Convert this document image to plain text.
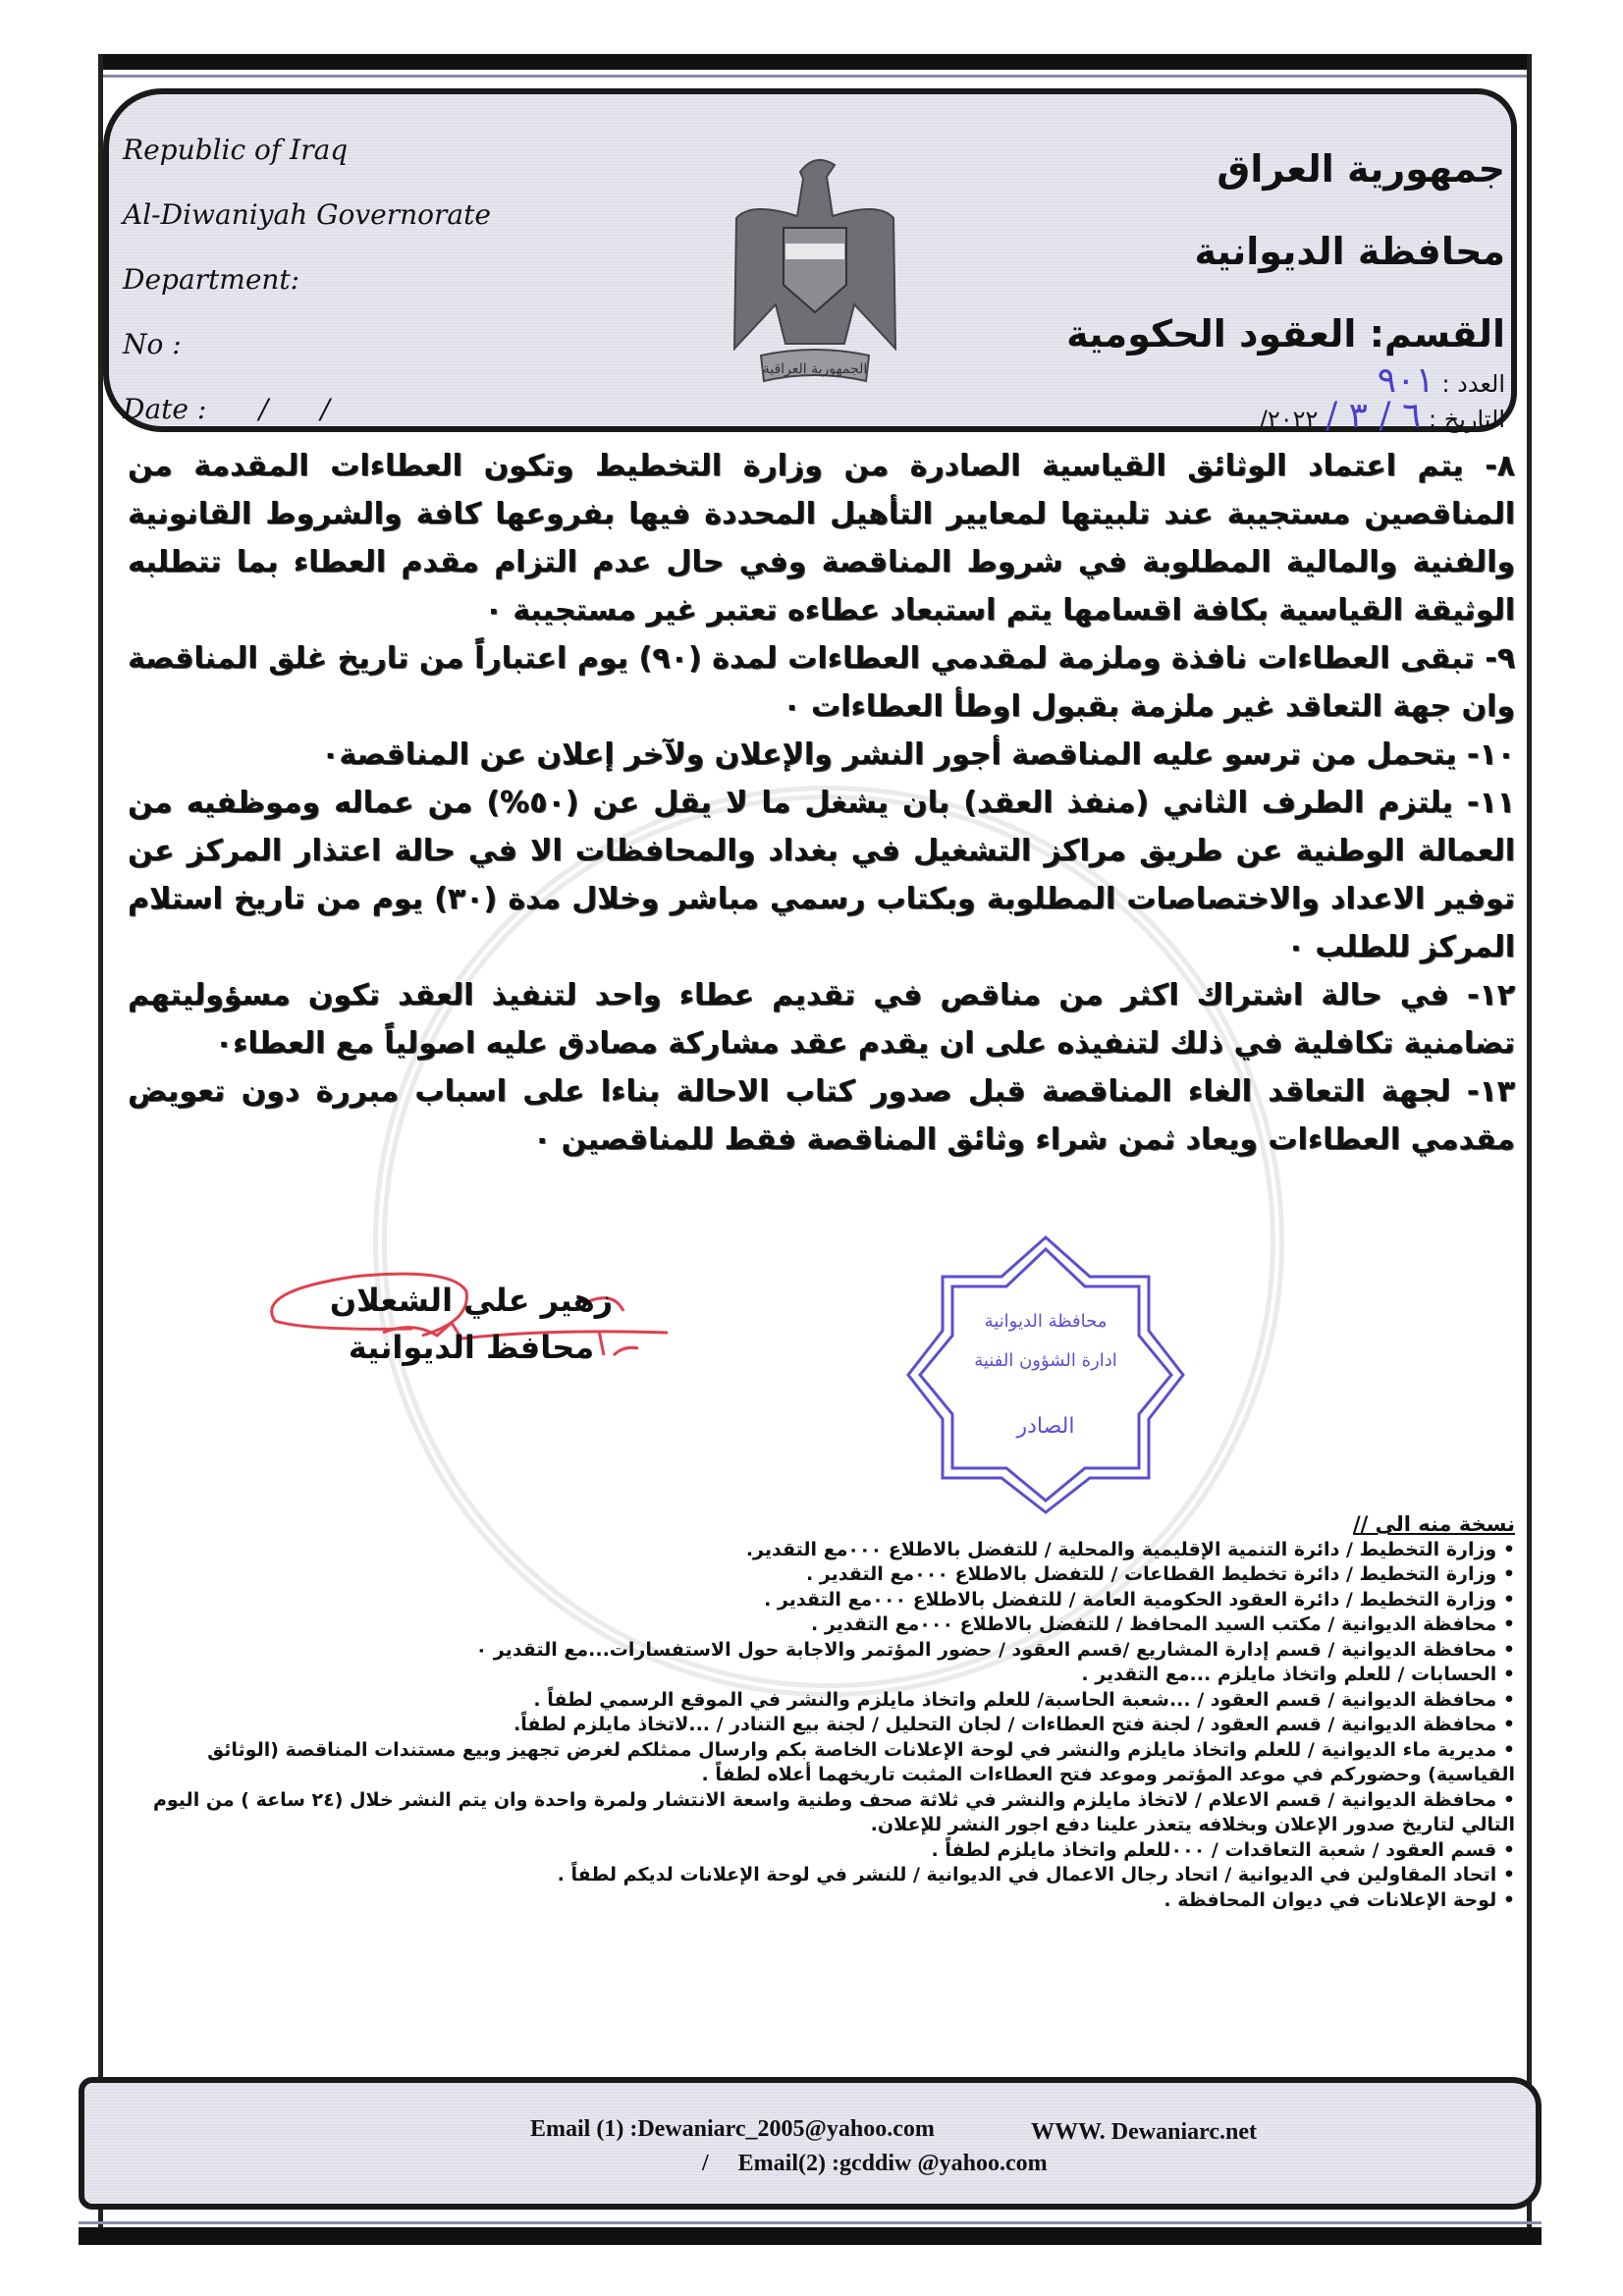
Republic of Iraq
Al-Diwaniyah Governorate
Department:
No :
Date :      /      /
الجمهورية العراقية
جمهورية العراق
محافظة الديوانية
القسم: العقود الحكومية
العدد : ٩٠١
التاريخ : ٦ / ٣ / ٢٠٢٢/

٨- يتم اعتماد الوثائق القياسية الصادرة من وزارة التخطيط وتكون العطاءات المقدمة من المناقصين مستجيبة عند تلبيتها لمعايير التأهيل المحددة فيها بفروعها كافة والشروط القانونية والفنية والمالية المطلوبة في شروط المناقصة وفي حال عدم التزام مقدم العطاء بما تتطلبه الوثيقة القياسية بكافة اقسامها يتم استبعاد عطاءه تعتبر غير مستجيبة ٠

٩- تبقى العطاءات نافذة وملزمة لمقدمي العطاءات لمدة (٩٠) يوم اعتباراً من تاريخ غلق المناقصة وان جهة التعاقد غير ملزمة بقبول اوطأ العطاءات ٠

١٠- يتحمل من ترسو عليه المناقصة أجور النشر والإعلان ولآخر إعلان عن المناقصة٠

١١- يلتزم الطرف الثاني (منفذ العقد) بان يشغل ما لا يقل عن (٥٠%) من عماله وموظفيه من العمالة الوطنية عن طريق مراكز التشغيل في بغداد والمحافظات الا في حالة اعتذار المركز عن توفير الاعداد والاختصاصات المطلوبة وبكتاب رسمي مباشر وخلال مدة (٣٠) يوم من تاريخ استلام المركز للطلب ٠

١٢- في حالة اشتراك اكثر من مناقص في تقديم عطاء واحد لتنفيذ العقد تكون مسؤوليتهم تضامنية تكافلية في ذلك لتنفيذه على ان يقدم عقد مشاركة مصادق عليه اصولياً مع العطاء٠

١٣- لجهة التعاقد الغاء المناقصة قبل صدور كتاب الاحالة بناءا على اسباب مبررة دون تعويض مقدمي العطاءات ويعاد ثمن شراء وثائق المناقصة فقط للمناقصين ٠

زهير علي الشعلان
محافظ الديوانية
محافظة الديوانية
ادارة الشؤون الفنية
الصادر
نسخة منه الى //
• وزارة التخطيط / دائرة التنمية الإقليمية والمحلية / للتفضل بالاطلاع ٠٠٠مع التقدير.
• وزارة التخطيط / دائرة تخطيط القطاعات / للتفضل بالاطلاع ٠٠٠مع التقدير .
• وزارة التخطيط / دائرة العقود الحكومية العامة / للتفضل بالاطلاع ٠٠٠مع التقدير .
• محافظة الديوانية / مكتب السيد المحافظ / للتفضل بالاطلاع ٠٠٠مع التقدير .
• محافظة الديوانية / قسم إدارة المشاريع /قسم العقود / حضور المؤتمر والاجابة حول الاستفسارات...مع التقدير ٠
• الحسابات / للعلم واتخاذ مايلزم ...مع التقدير .
• محافظة الديوانية / قسم العقود / ...شعبة الحاسبة/ للعلم واتخاذ مايلزم والنشر في الموقع الرسمي لطفاً .
• محافظة الديوانية / قسم العقود / لجنة فتح العطاءات / لجان التحليل / لجنة بيع التنادر / ...لاتخاذ مايلزم لطفاً.
• مديرية ماء الديوانية / للعلم واتخاذ مايلزم والنشر في لوحة الإعلانات الخاصة بكم وارسال ممثلكم لغرض تجهيز وبيع مستندات المناقصة (الوثائق القياسية) وحضوركم في موعد المؤتمر وموعد فتح العطاءات المثبت تاريخهما أعلاه لطفاً .
• محافظة الديوانية / قسم الاعلام / لاتخاذ مايلزم والنشر في ثلاثة صحف وطنية واسعة الانتشار ولمرة واحدة وان يتم النشر خلال (٢٤ ساعة ) من اليوم التالي لتاريخ صدور الإعلان وبخلافه يتعذر علينا دفع اجور النشر للإعلان.
• قسم العقود / شعبة التعاقدات / ٠٠٠للعلم واتخاذ مايلزم لطفاً .
• اتحاد المقاولين في الديوانية / اتحاد رجال الاعمال في الديوانية / للنشر في لوحة الإعلانات لديكم لطفاً .
• لوحة الإعلانات في ديوان المحافظة .
Email (1) :Dewaniarc_2005@yahoo.com	WWW. Dewaniarc.net
/     Email(2) :gcddiw @yahoo.com
